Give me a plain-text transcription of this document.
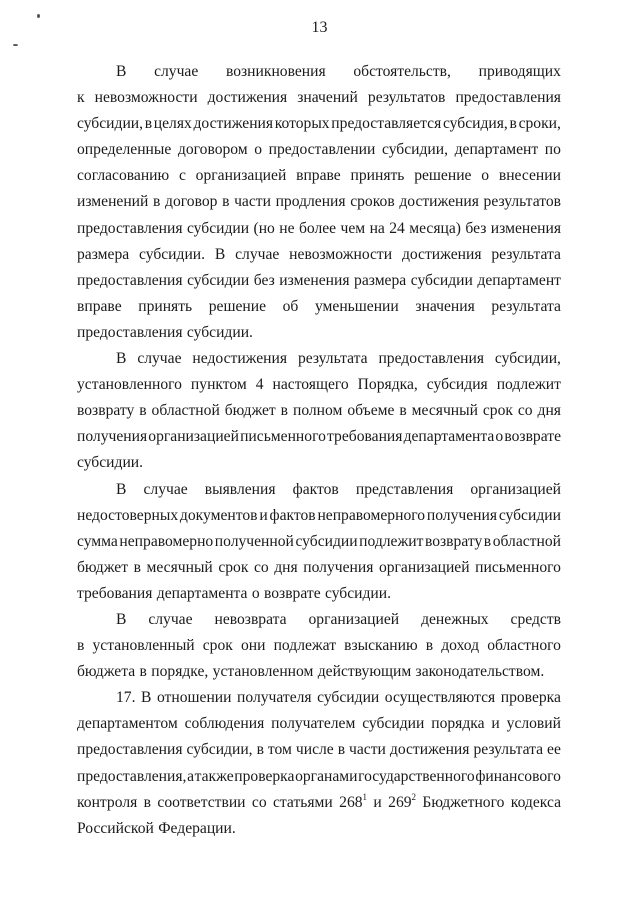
13
В случае возникновения обстоятельств, приводящих
к невозможности достижения значений результатов предоставления
субсидии, в целях достижения которых предоставляется субсидия, в сроки,
определенные договором о предоставлении субсидии, департамент по
согласованию с организацией вправе принять решение о внесении
изменений в договор в части продления сроков достижения результатов
предоставления субсидии (но не более чем на 24 месяца) без изменения
размера субсидии. В случае невозможности достижения результата
предоставления субсидии без изменения размера субсидии департамент
вправе принять решение об уменьшении значения результата
предоставления субсидии.
В случае недостижения результата предоставления субсидии,
установленного пунктом 4 настоящего Порядка, субсидия подлежит
возврату в областной бюджет в полном объеме в месячный срок со дня
получения организацией письменного требования департамента о возврате
субсидии.
В случае выявления фактов представления организацией
недостоверных документов и фактов неправомерного получения субсидии
сумма неправомерно полученной субсидии подлежит возврату в областной
бюджет в месячный срок со дня получения организацией письменного
требования департамента о возврате субсидии.
В случае невозврата организацией денежных средств
в установленный срок они подлежат взысканию в доход областного
бюджета в порядке, установленном действующим законодательством.
17. В отношении получателя субсидии осуществляются проверка
департаментом соблюдения получателем субсидии порядка и условий
предоставления субсидии, в том числе в части достижения результата ее
предоставления, а также проверка органами государственного финансового
контроля в соответствии со статьями $268^1$ и $269^2$ Бюджетного кодекса
Российской Федерации.
